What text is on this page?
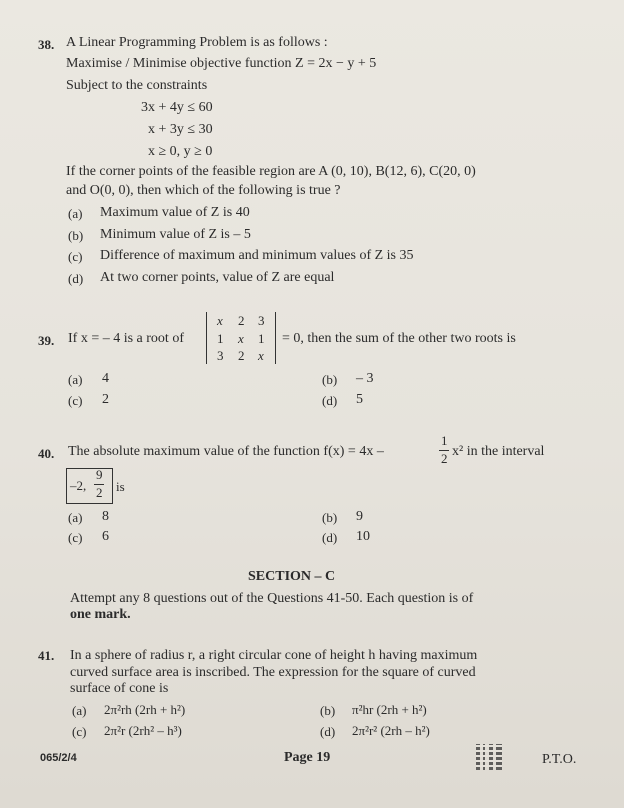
38. A Linear Programming Problem is as follows :
Maximise / Minimise objective function Z = 2x − y + 5
Subject to the constraints
3x + 4y ≤ 60
x + 3y ≤ 30
x ≥ 0, y ≥ 0
If the corner points of the feasible region are A (0, 10), B(12, 6), C(20, 0)
and O(0, 0), then which of the following is true ?
(a) Maximum value of Z is 40
(b) Minimum value of Z is – 5
(c) Difference of maximum and minimum values of Z is 35
(d) At two corner points, value of Z are equal
39. If x = – 4 is a root of
x 2 3
1 x 1
3 2 x
= 0, then the sum of the other two roots is
(a) 4	(b) – 3
(c) 2	(d) 5
40. The absolute maximum value of the function f(x) = 4x –
1
2 x² in the interval
–2,
9
2 is
(a) 8	(b) 9
(c) 6	(d) 10
SECTION – C
Attempt any 8 questions out of the Questions 41-50. Each question is of
one mark.
41. In a sphere of radius r, a right circular cone of height h having maximum
curved surface area is inscribed. The expression for the square of curved
surface of cone is
(a) 2π²rh (2rh + h²)	(b) π²hr (2rh + h²)
(c) 2π²r (2rh² – h³)	(d) 2π²r² (2rh – h²)
065/2/4	Page 19	P.T.O.
